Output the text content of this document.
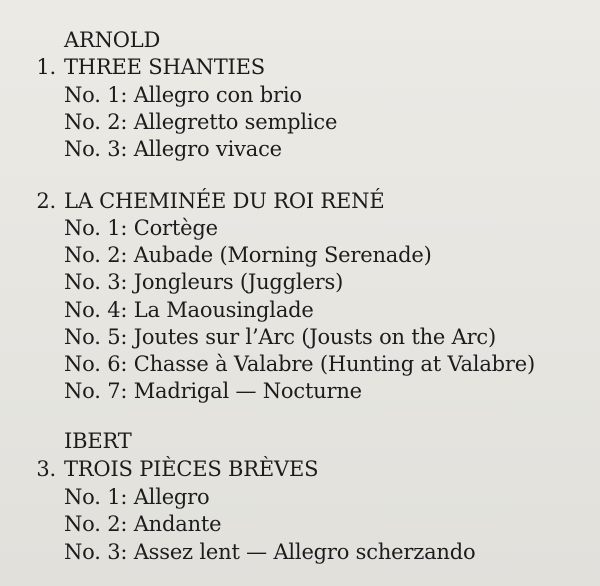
ARNOLD
1. THREE SHANTIES
No. 1: Allegro con brio
No. 2: Allegretto semplice
No. 3: Allegro vivace
2. LA CHEMINÉE DU ROI RENÉ
No. 1: Cortège
No. 2: Aubade (Morning Serenade)
No. 3: Jongleurs (Jugglers)
No. 4: La Maousinglade
No. 5: Joutes sur l’Arc (Jousts on the Arc)
No. 6: Chasse à Valabre (Hunting at Valabre)
No. 7: Madrigal — Nocturne
IBERT
3. TROIS PIÈCES BRÈVES
No. 1: Allegro
No. 2: Andante
No. 3: Assez lent — Allegro scherzando
